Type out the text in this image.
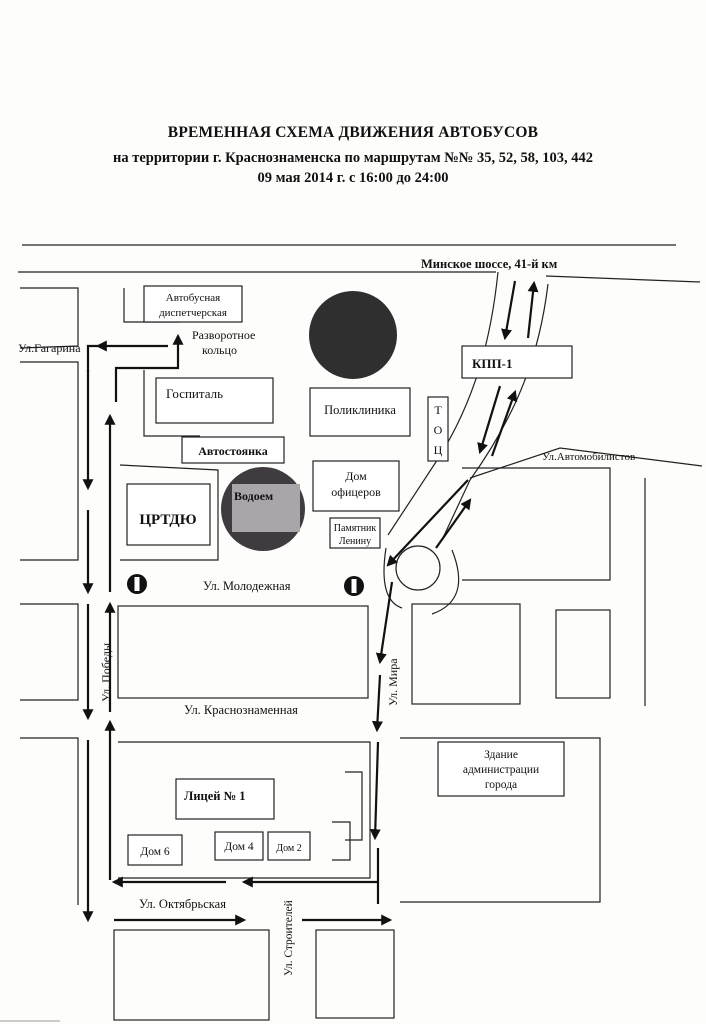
ВРЕМЕННАЯ СХЕМА ДВИЖЕНИЯ АВТОБУСОВ
на территории г. Краснознаменска по маршрутам №№ 35, 52, 58, 103, 442
09 мая 2014 г. с 16:00 до 24:00
Автобусная
диспетчерская
Разворотное
кольцо
Госпиталь
Поликлиника	Т
О
Ц
КПП-1
Автостоянка
Водоем
Дом
офицеров
ЦРТДЮ
Памятник
Ленину
Лицей № 1
Дом 6	Дом 4 Дом 2
Здание
администрации
города
Минское шоссе, 41-й км
Ул.Гагарина
Ул.Автомобилистов
Ул. Молодежная
Ул. Краснознаменная
Ул. Октябрьская
Ул. Победы	Ул. Мира
Ул. Строителей
